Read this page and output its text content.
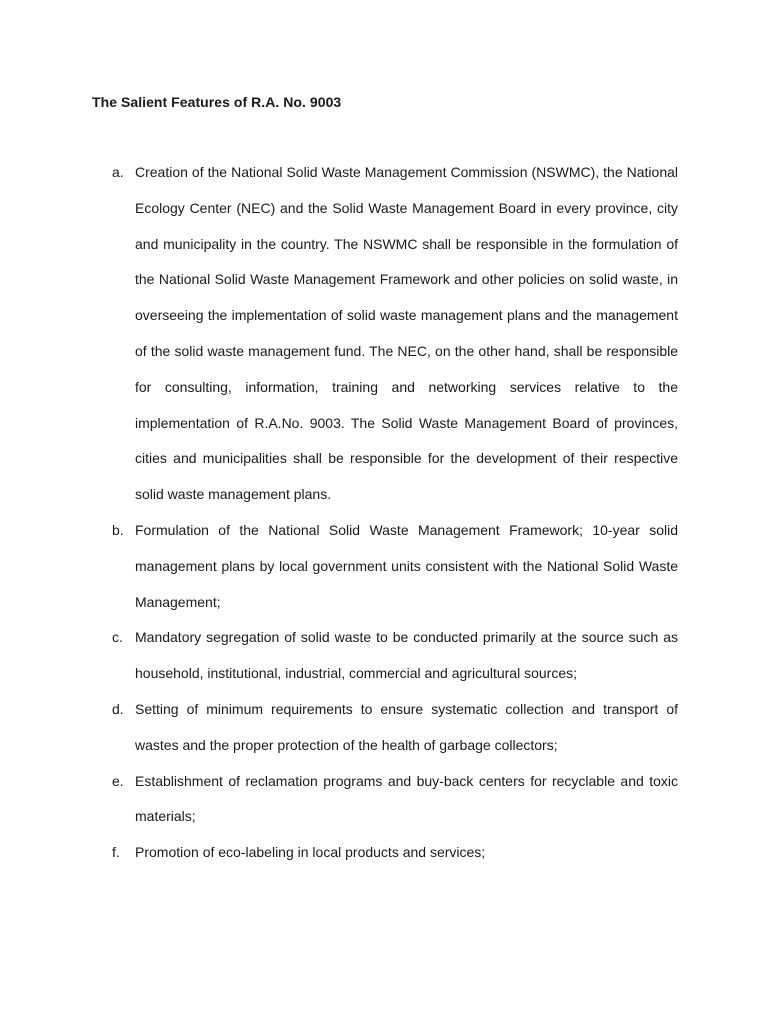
The Salient Features of R.A. No. 9003
a. Creation of the National Solid Waste Management Commission (NSWMC), the National Ecology Center (NEC) and the Solid Waste Management Board in every province, city and municipality in the country. The NSWMC shall be responsible in the formulation of the National Solid Waste Management Framework and other policies on solid waste, in overseeing the implementation of solid waste management plans and the management of the solid waste management fund. The NEC, on the other hand, shall be responsible for consulting, information, training and networking services relative to the implementation of R.A.No. 9003. The Solid Waste Management Board of provinces, cities and municipalities shall be responsible for the development of their respective solid waste management plans.
b. Formulation of the National Solid Waste Management Framework; 10-year solid management plans by local government units consistent with the National Solid Waste Management;
c. Mandatory segregation of solid waste to be conducted primarily at the source such as household, institutional, industrial, commercial and agricultural sources;
d. Setting of minimum requirements to ensure systematic collection and transport of wastes and the proper protection of the health of garbage collectors;
e. Establishment of reclamation programs and buy-back centers for recyclable and toxic materials;
f.	Promotion of eco-labeling in local products and services;
